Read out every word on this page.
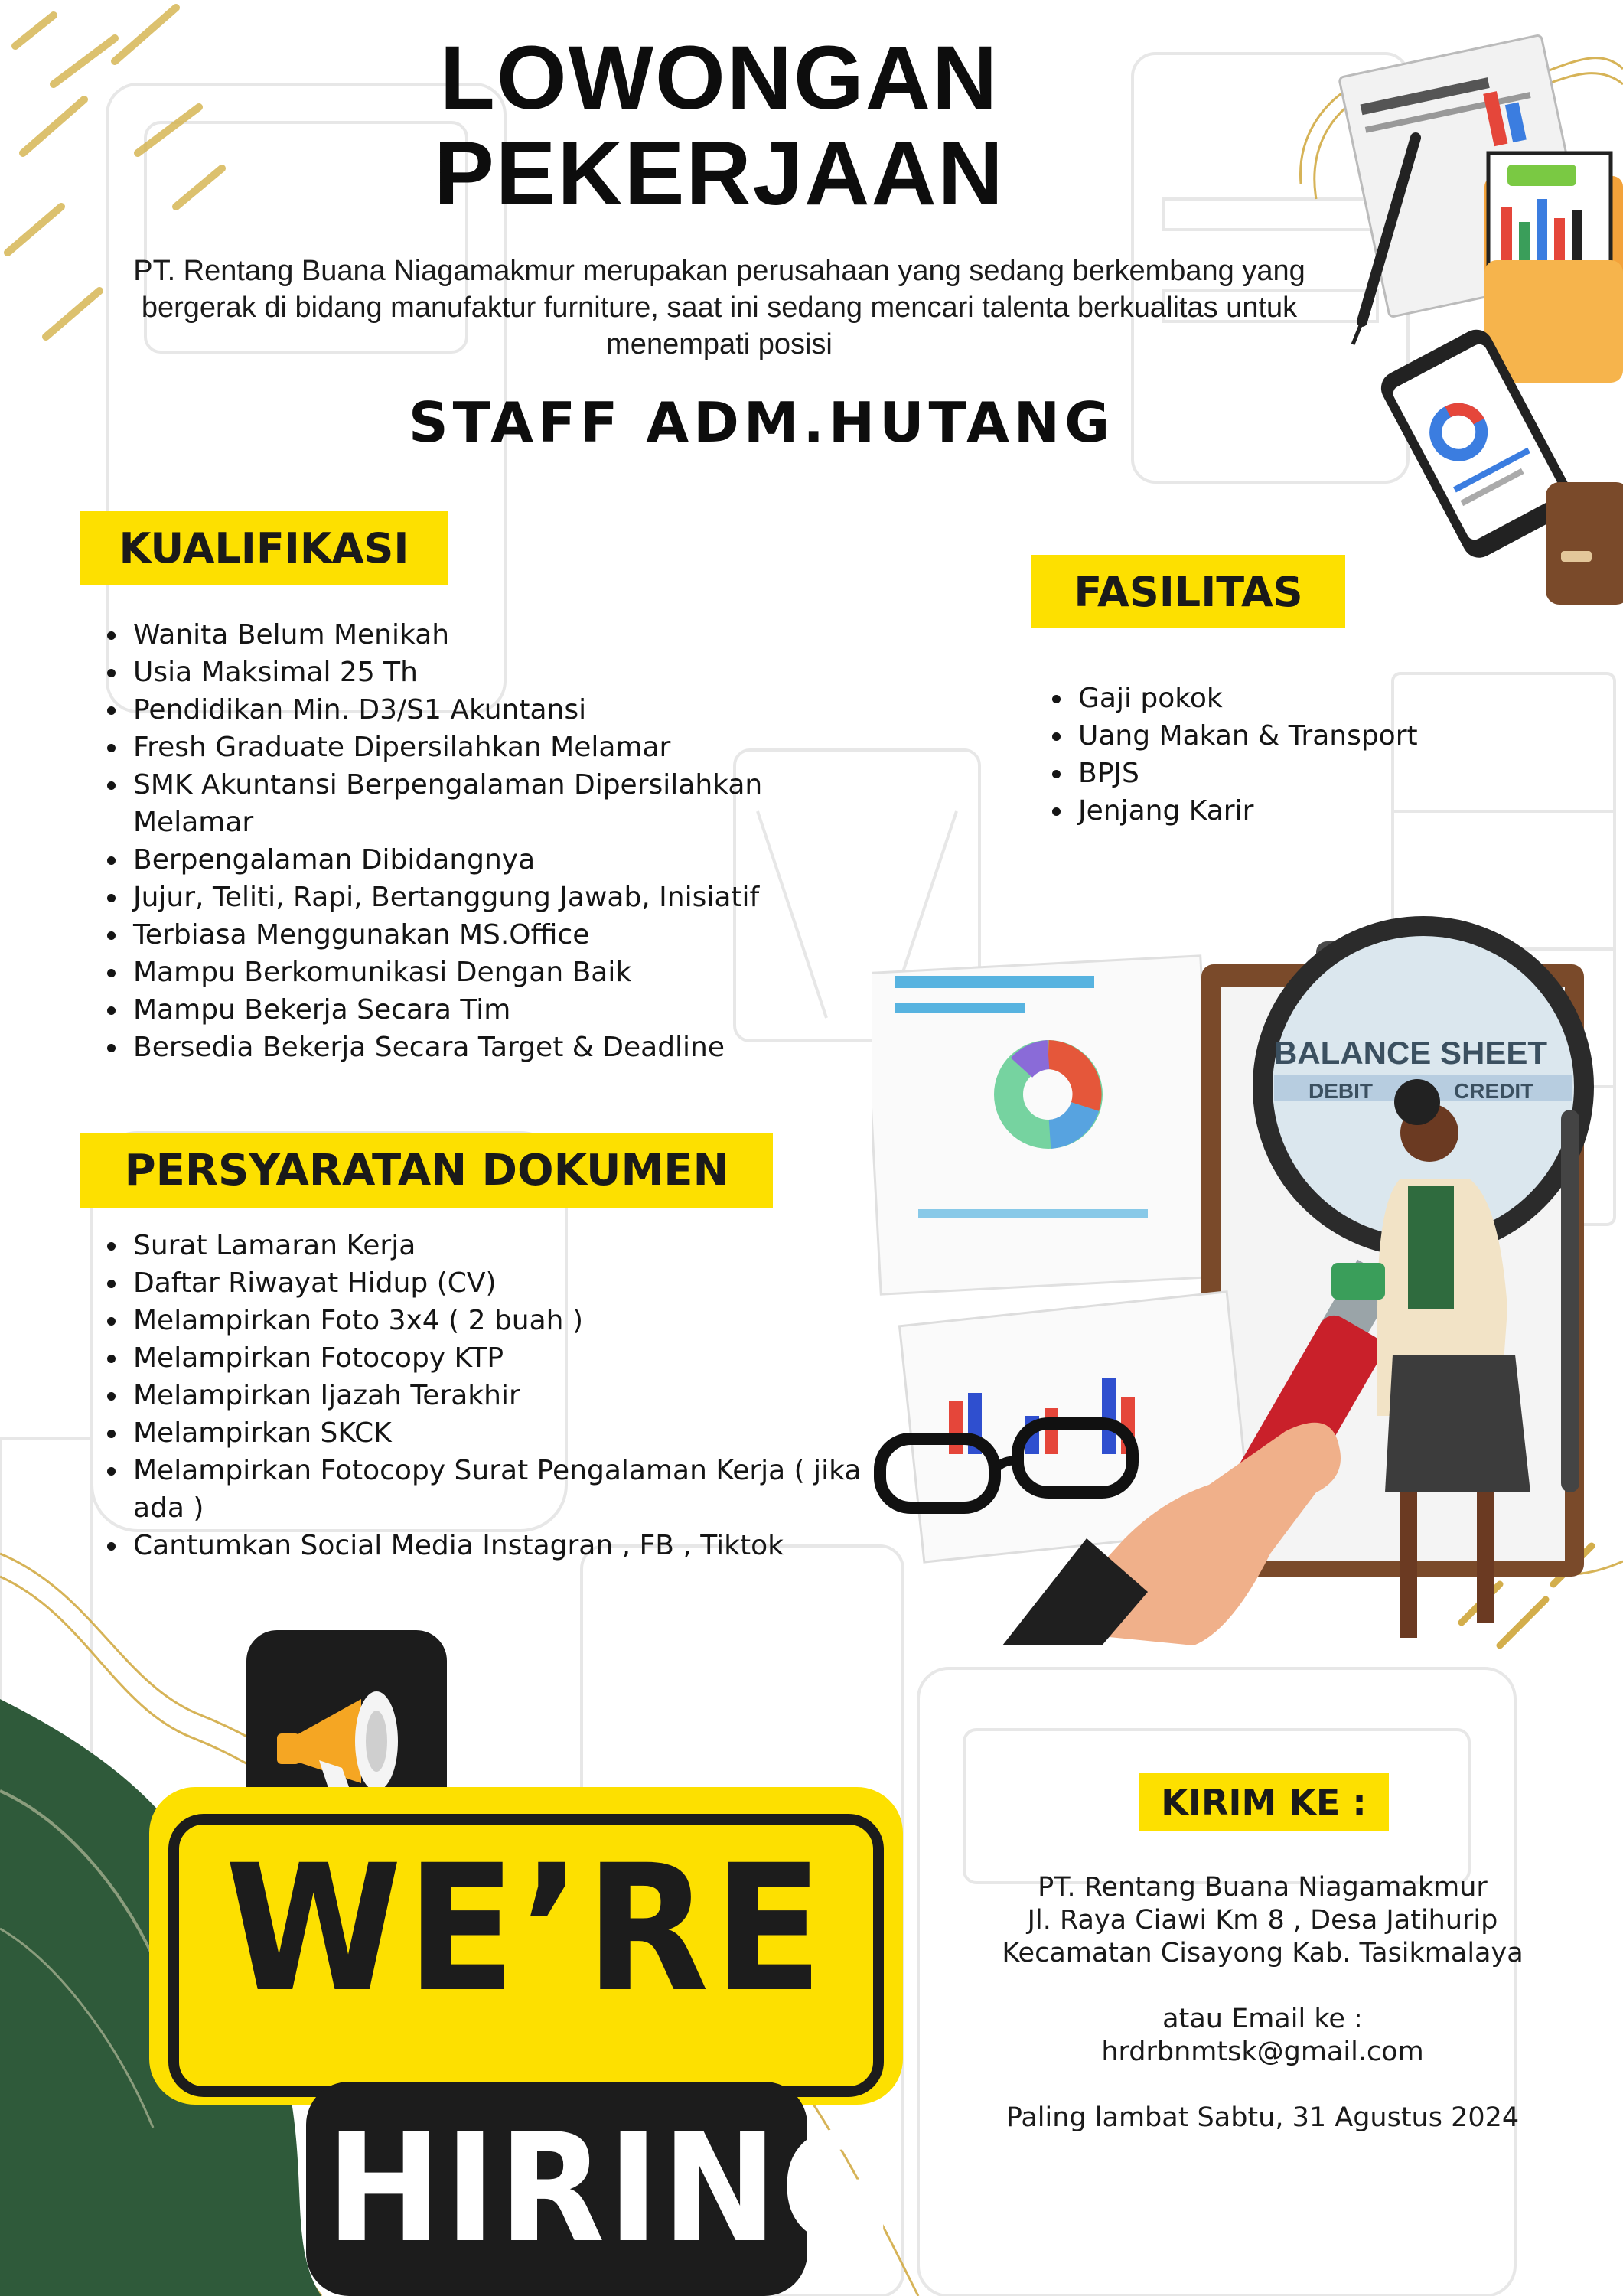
LOWONGAN
PEKERJAAN
PT. Rentang Buana Niagamakmur merupakan perusahaan yang sedang berkembang yang bergerak di bidang manufaktur furniture, saat ini sedang mencari talenta berkualitas untuk menempati posisi
STAFF ADM.HUTANG
KUALIFIKASI
• Wanita Belum Menikah
• Usia Maksimal 25 Th
• Pendidikan Min. D3/S1 Akuntansi
• Fresh Graduate Dipersilahkan Melamar
• SMK Akuntansi Berpengalaman Dipersilahkan Melamar
• Berpengalaman Dibidangnya
• Jujur, Teliti, Rapi, Bertanggung Jawab, Inisiatif
• Terbiasa Menggunakan MS.Office
• Mampu Berkomunikasi Dengan Baik
• Mampu Bekerja Secara Tim
• Bersedia Bekerja Secara Target & Deadline
FASILITAS
• Gaji pokok
• Uang Makan & Transport
• BPJS
• Jenjang Karir
PERSYARATAN DOKUMEN
• Surat Lamaran Kerja
• Daftar Riwayat Hidup (CV)
• Melampirkan Foto 3x4 ( 2 buah )
• Melampirkan Fotocopy KTP
• Melampirkan Ijazah Terakhir
• Melampirkan SKCK
• Melampirkan Fotocopy Surat Pengalaman Kerja ( jika ada )
• Cantumkan Social Media Instagran , FB , Tiktok
BALANCE SHEET
DEBIT	CREDIT
WE’RE
HIRING
KIRIM KE :
PT. Rentang Buana Niagamakmur
Jl. Raya Ciawi Km 8 , Desa Jatihurip
Kecamatan Cisayong Kab. Tasikmalaya
atau Email ke :
hrdrbnmtsk@gmail.com
Paling lambat Sabtu, 31 Agustus 2024
